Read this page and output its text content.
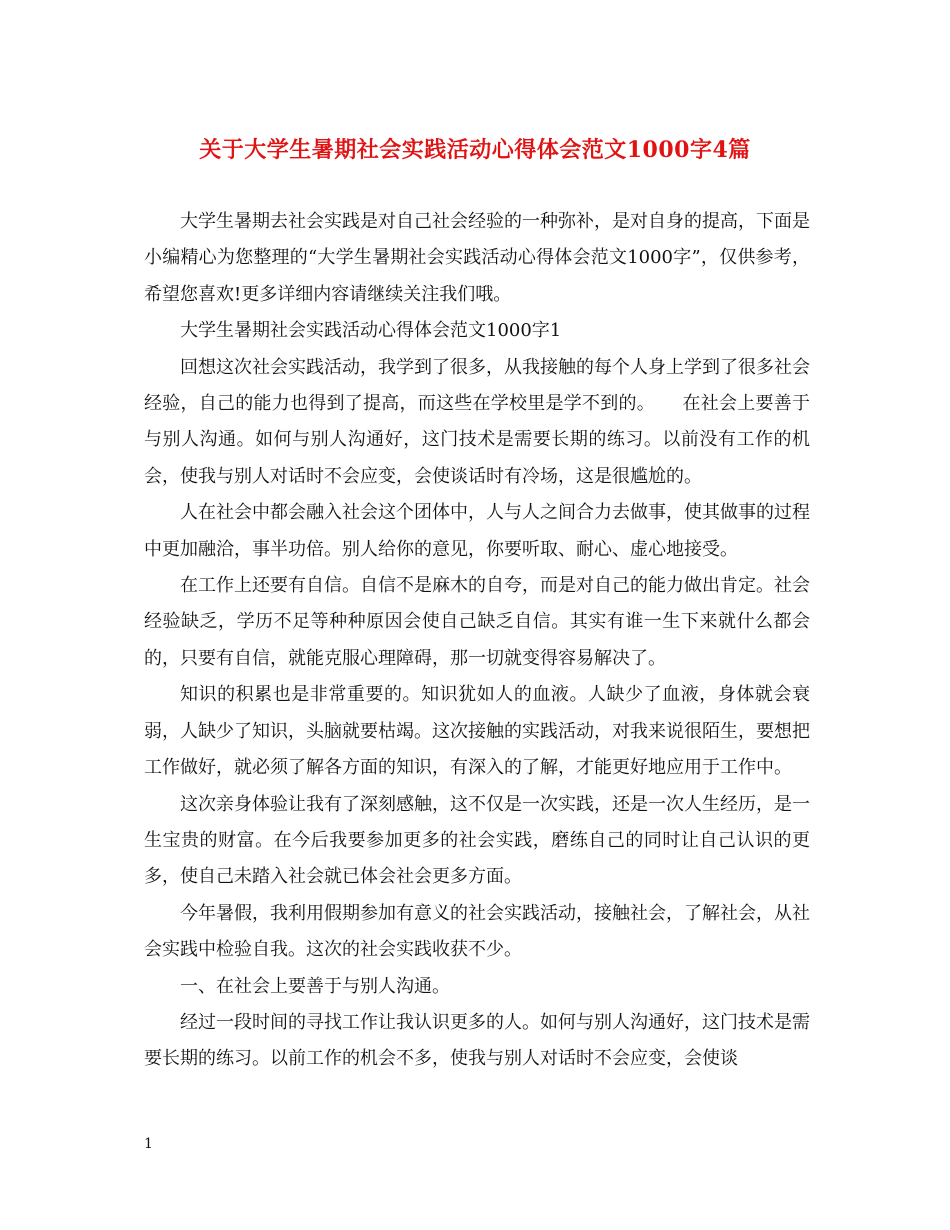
关于大学生暑期社会实践活动心得体会范文1000字4篇

大学生暑期去社会实践是对自己社会经验的一种弥补，是对自身的提高，下面是小编精心为您整理的“大学生暑期社会实践活动心得体会范文1000字”，仅供参考，希望您喜欢!更多详细内容请继续关注我们哦。

大学生暑期社会实践活动心得体会范文1000字1

回想这次社会实践活动，我学到了很多，从我接触的每个人身上学到了很多社会经验，自己的能力也得到了提高，而这些在学校里是学不到的。　　在社会上要善于与别人沟通。如何与别人沟通好，这门技术是需要长期的练习。以前没有工作的机会，使我与别人对话时不会应变，会使谈话时有冷场，这是很尴尬的。

人在社会中都会融入社会这个团体中，人与人之间合力去做事，使其做事的过程中更加融洽，事半功倍。别人给你的意见，你要听取、耐心、虚心地接受。

在工作上还要有自信。自信不是麻木的自夸，而是对自己的能力做出肯定。社会经验缺乏，学历不足等种种原因会使自己缺乏自信。其实有谁一生下来就什么都会的，只要有自信，就能克服心理障碍，那一切就变得容易解决了。

知识的积累也是非常重要的。知识犹如人的血液。人缺少了血液，身体就会衰弱，人缺少了知识，头脑就要枯竭。这次接触的实践活动，对我来说很陌生，要想把工作做好，就必须了解各方面的知识，有深入的了解，才能更好地应用于工作中。

这次亲身体验让我有了深刻感触，这不仅是一次实践，还是一次人生经历，是一生宝贵的财富。在今后我要参加更多的社会实践，磨练自己的同时让自己认识的更多，使自己未踏入社会就已体会社会更多方面。

今年暑假，我利用假期参加有意义的社会实践活动，接触社会，了解社会，从社会实践中检验自我。这次的社会实践收获不少。

一、在社会上要善于与别人沟通。

经过一段时间的寻找工作让我认识更多的人。如何与别人沟通好，这门技术是需要长期的练习。以前工作的机会不多，使我与别人对话时不会应变，会使谈

1
